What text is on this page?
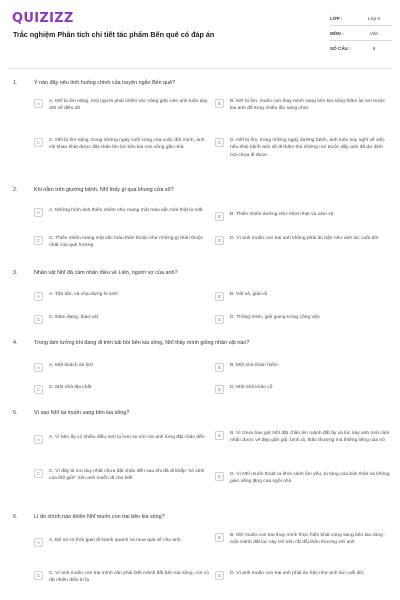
QUIZIZZ
Trắc nghiệm Phân tích chi tiết tác phẩm Bến quê có đáp án
LỚP :	Lớp 9
MÔN :	Văn
SỐ CÂU :	9
1.	Ý nào đây nêu tình huống chính của truyện ngắn Bến quê?
A	A. Nhĩ bị ốm nặng, mọi người phải chăm sóc nâng giấc nên anh luôn day dứt về điều đó
B	B. Nhĩ bị ốm, muốn con thay mình sang bên kia sông thăm lại nơi trước kia anh đã từng nhiều lần sang chơi
C	C. Nhĩ bị ốm nặng, trong những ngày cuối cùng của cuộc đời mình, anh chỉ khao khát được đặt chân lên bờ bên kia con sông gần nhà
D	D. Nhĩ bị ốm, trong những ngày dưỡng bệnh, anh luôn suy nghĩ về việc nếu khỏi bệnh anh sẽ đi thăm thú những nơi trước đây anh đã dự định mà chưa đi được.
2.	Khi nằm trên giường bệnh, Nhĩ thấy gì qua khung cửa sổ?
A	A. Những hình ảnh thiên nhiên như mang một màu sắc mới thật lạ mắt
B	B. Thiên nhiên dường như nhợt nhạt và xám xịt
C	C. Thiên nhiên mang một sắc màu thân thuộc như những gì thân thuộc nhất của quê hương
D	D. Vì anh muốn con trai anh không phải ân hận như anh lúc cuối đời
3.	Nhân vật Nhĩ đã cảm nhận điều về Liên, người vợ của anh?
A	A. Tần tảo, và chịu đựng hi sinh	B	B. Vất vả, giản dị
C	C. Đảm đang, tháo vát	D	D. Thông minh, giỏi giang trong công việc
4.	Trong tâm tưởng khi đang đi trên bãi bồi bên kia sông, Nhĩ thấy mình giống nhân vật nào?
A	A. Một khách du lịch	B	B. Một nhà thám hiểm
C	C. Một nhà địa chất	D	D. Một nhà khảo cổ
5.	Vì sao Nhĩ lại muốn sang bên kia sông?
A	A. Vì bên ấy có nhiều điều mới lạ hơn so với nơi anh từng đặt chân đến	B	B. Vì chưa bao giờ Nhĩ đặt chân lên mảnh đất ấy và lúc này anh mới cảm nhận được vẻ đẹp gần gũi, bình dị, thân thương mà thiêng liêng của nó
C	C. Vì đây là nơi duy nhất chưa đặt chân đến sau khi đã đi khắp "xó xỉnh của thế giới" nên anh muốn đi cho biết
D	D. Vì Nhĩ muốn thoát ra khỏi cảnh ốm yếu, tù túng của bản thân và không gian vắng lặng của ngôi nhà
6.	Lí do chính nào khiến Nhĩ muốn con trai bên kia sông?
A	A. Để nó có thời gian đi loanh quanh và mua quà về cho anh
B	B. Nhĩ muốn con trai thay mình thực hiện khát vọng sang bên kia sông - một mảnh đất lúc này trở nên rất đỗi thân thương với anh
C	C. Vì anh muốn con trai mình cần phải biết mảnh đất bên kia sông, nơi có rất nhiều điều kì lạ
D	D. Vì anh muốn con trai anh phải ân hận như anh lúc cuối đời
